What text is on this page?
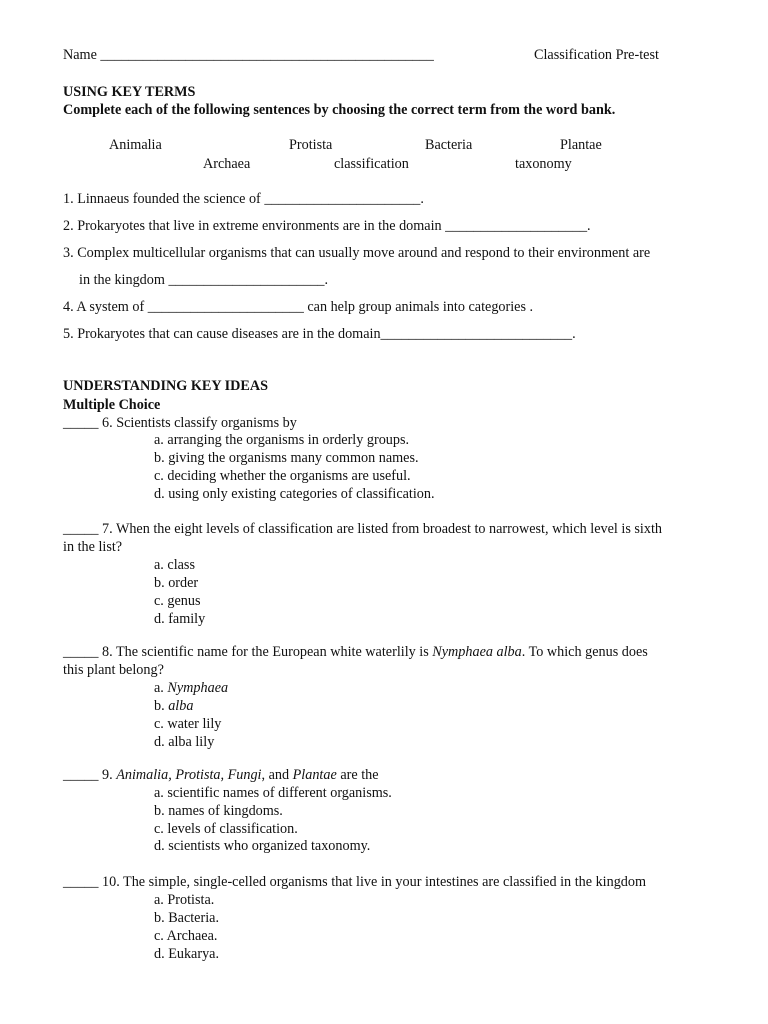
Name _______________________________________________	Classification Pre-test
USING KEY TERMS
Complete each of the following sentences by choosing the correct term from the word bank.
Animalia	Protista	Bacteria	Plantae
Archaea	classification	taxonomy
1. Linnaeus founded the science of ______________________.
2. Prokaryotes that live in extreme environments are in the domain ____________________.
3. Complex multicellular organisms that can usually move around and respond to their environment are
in the kingdom ______________________.
4. A system of ______________________ can help group animals into categories .
5. Prokaryotes that can cause diseases are in the domain___________________________.
UNDERSTANDING KEY IDEAS
Multiple Choice
_____ 6. Scientists classify organisms by
a. arranging the organisms in orderly groups.
b. giving the organisms many common names.
c. deciding whether the organisms are useful.
d. using only existing categories of classification.
_____ 7. When the eight levels of classification are listed from broadest to narrowest, which level is sixth
in the list?
a. class
b. order
c. genus
d. family
_____ 8. The scientific name for the European white waterlily is Nymphaea alba. To which genus does
this plant belong?
a. Nymphaea
b. alba
c. water lily
d. alba lily
_____ 9. Animalia, Protista, Fungi, and Plantae are the
a. scientific names of different organisms.
b. names of kingdoms.
c. levels of classification.
d. scientists who organized taxonomy.
_____ 10. The simple, single-celled organisms that live in your intestines are classified in the kingdom
a. Protista.
b. Bacteria.
c. Archaea.
d. Eukarya.
